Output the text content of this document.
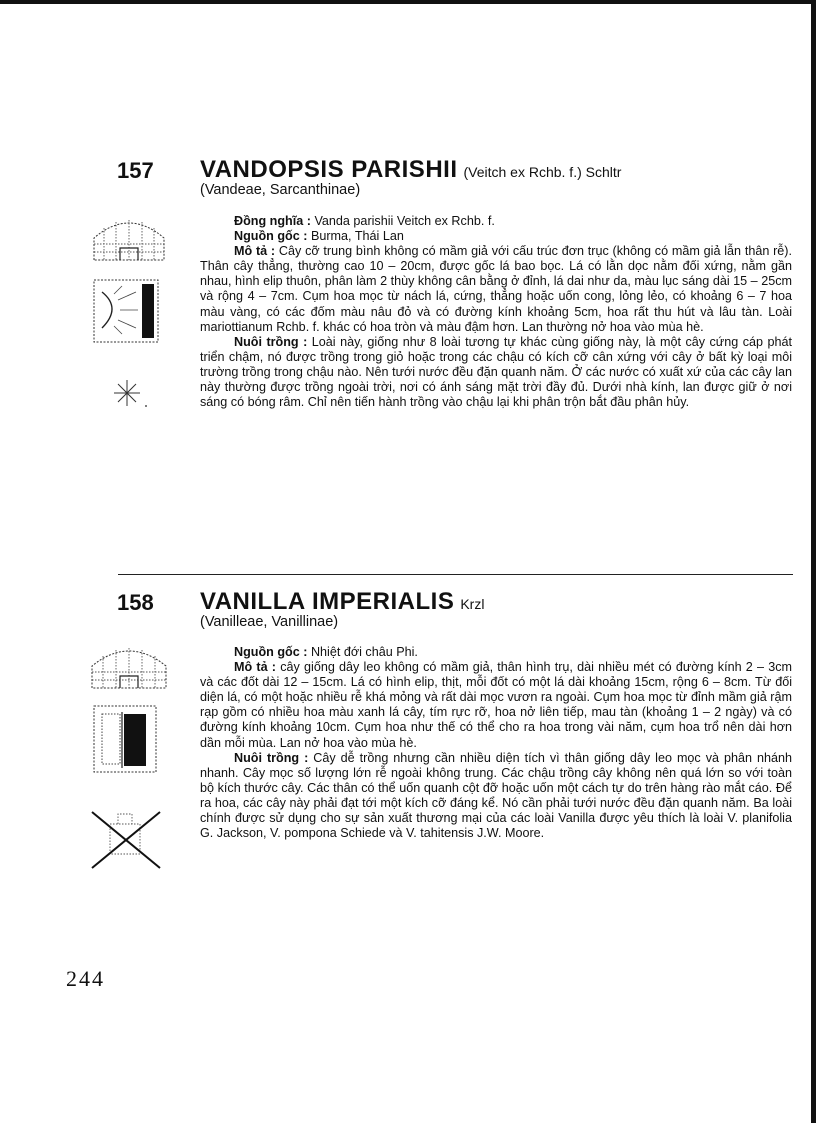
157 VANDOPSIS PARISHII (Veitch ex Rchb. f.) Schltr
(Vandeae, Sarcanthinae)

Đồng nghĩa : Vanda parishii Veitch ex Rchb. f.

Nguồn gốc : Burma, Thái Lan

Mô tả : Cây cỡ trung bình không có mầm giả với cấu trúc đơn trục (không có mầm giả lẫn thân rễ). Thân cây thẳng, thường cao 10 – 20cm, được gốc lá bao bọc. Lá có lằn dọc nằm đối xứng, nằm gần nhau, hình elip thuôn, phân làm 2 thùy không cân bằng ở đỉnh, lá dai như da, màu lục sáng dài 15 – 25cm và rộng 4 – 7cm. Cụm hoa mọc từ nách lá, cứng, thẳng hoặc uốn cong, lỏng lẻo, có khoảng 6 – 7 hoa màu vàng, có các đốm màu nâu đỏ và có đường kính khoảng 5cm, hoa rất thu hút và lâu tàn. Loài mariottianum Rchb. f. khác có hoa tròn và màu đậm hơn. Lan thường nở hoa vào mùa hè.

Nuôi trồng : Loài này, giống như 8 loài tương tự khác cùng giống này, là một cây cứng cáp phát triển chậm, nó được trồng trong giỏ hoặc trong các chậu có kích cỡ cân xứng với cây ở bất kỳ loại môi trường trồng trong chậu nào. Nên tưới nước đều đặn quanh năm. Ở các nước có xuất xứ của các cây lan này thường được trồng ngoài trời, nơi có ánh sáng mặt trời đầy đủ. Dưới nhà kính, lan được giữ ở nơi sáng có bóng râm. Chỉ nên tiến hành trồng vào chậu lại khi phân trộn bắt đầu phân hủy.

158 VANILLA IMPERIALIS Krzl
(Vanilleae, Vanillinae)

Nguồn gốc : Nhiệt đới châu Phi.

Mô tả : cây giống dây leo không có mầm giả, thân hình trụ, dài nhiều mét có đường kính 2 – 3cm và các đốt dài 12 – 15cm. Lá có hình elip, thịt, mỗi đốt có một lá dài khoảng 15cm, rộng 6 – 8cm. Từ đối diện lá, có một hoặc nhiều rễ khá mỏng và rất dài mọc vươn ra ngoài. Cụm hoa mọc từ đỉnh mầm giả rậm rạp gồm có nhiều hoa màu xanh lá cây, tím rực rỡ, hoa nở liên tiếp, mau tàn (khoảng 1 – 2 ngày) và có đường kính khoảng 10cm. Cụm hoa như thế có thể cho ra hoa trong vài năm, cụm hoa trổ nên dài hơn dần mỗi mùa. Lan nở hoa vào mùa hè.

Nuôi trồng : Cây dễ trồng nhưng cần nhiều diện tích vì thân giống dây leo mọc và phân nhánh nhanh. Cây mọc số lượng lớn rễ ngoài không trung. Các chậu trồng cây không nên quá lớn so với toàn bộ kích thước cây. Các thân có thể uốn quanh cột đỡ hoặc uốn một cách tự do trên hàng rào mắt cáo. Để ra hoa, các cây này phải đạt tới một kích cỡ đáng kể. Nó cần phải tưới nước đều đặn quanh năm. Ba loài chính được sử dụng cho sự sản xuất thương mại của các loài Vanilla được yêu thích là loài V. planifolia G. Jackson, V. pompona Schiede và V. tahitensis J.W. Moore.

244
